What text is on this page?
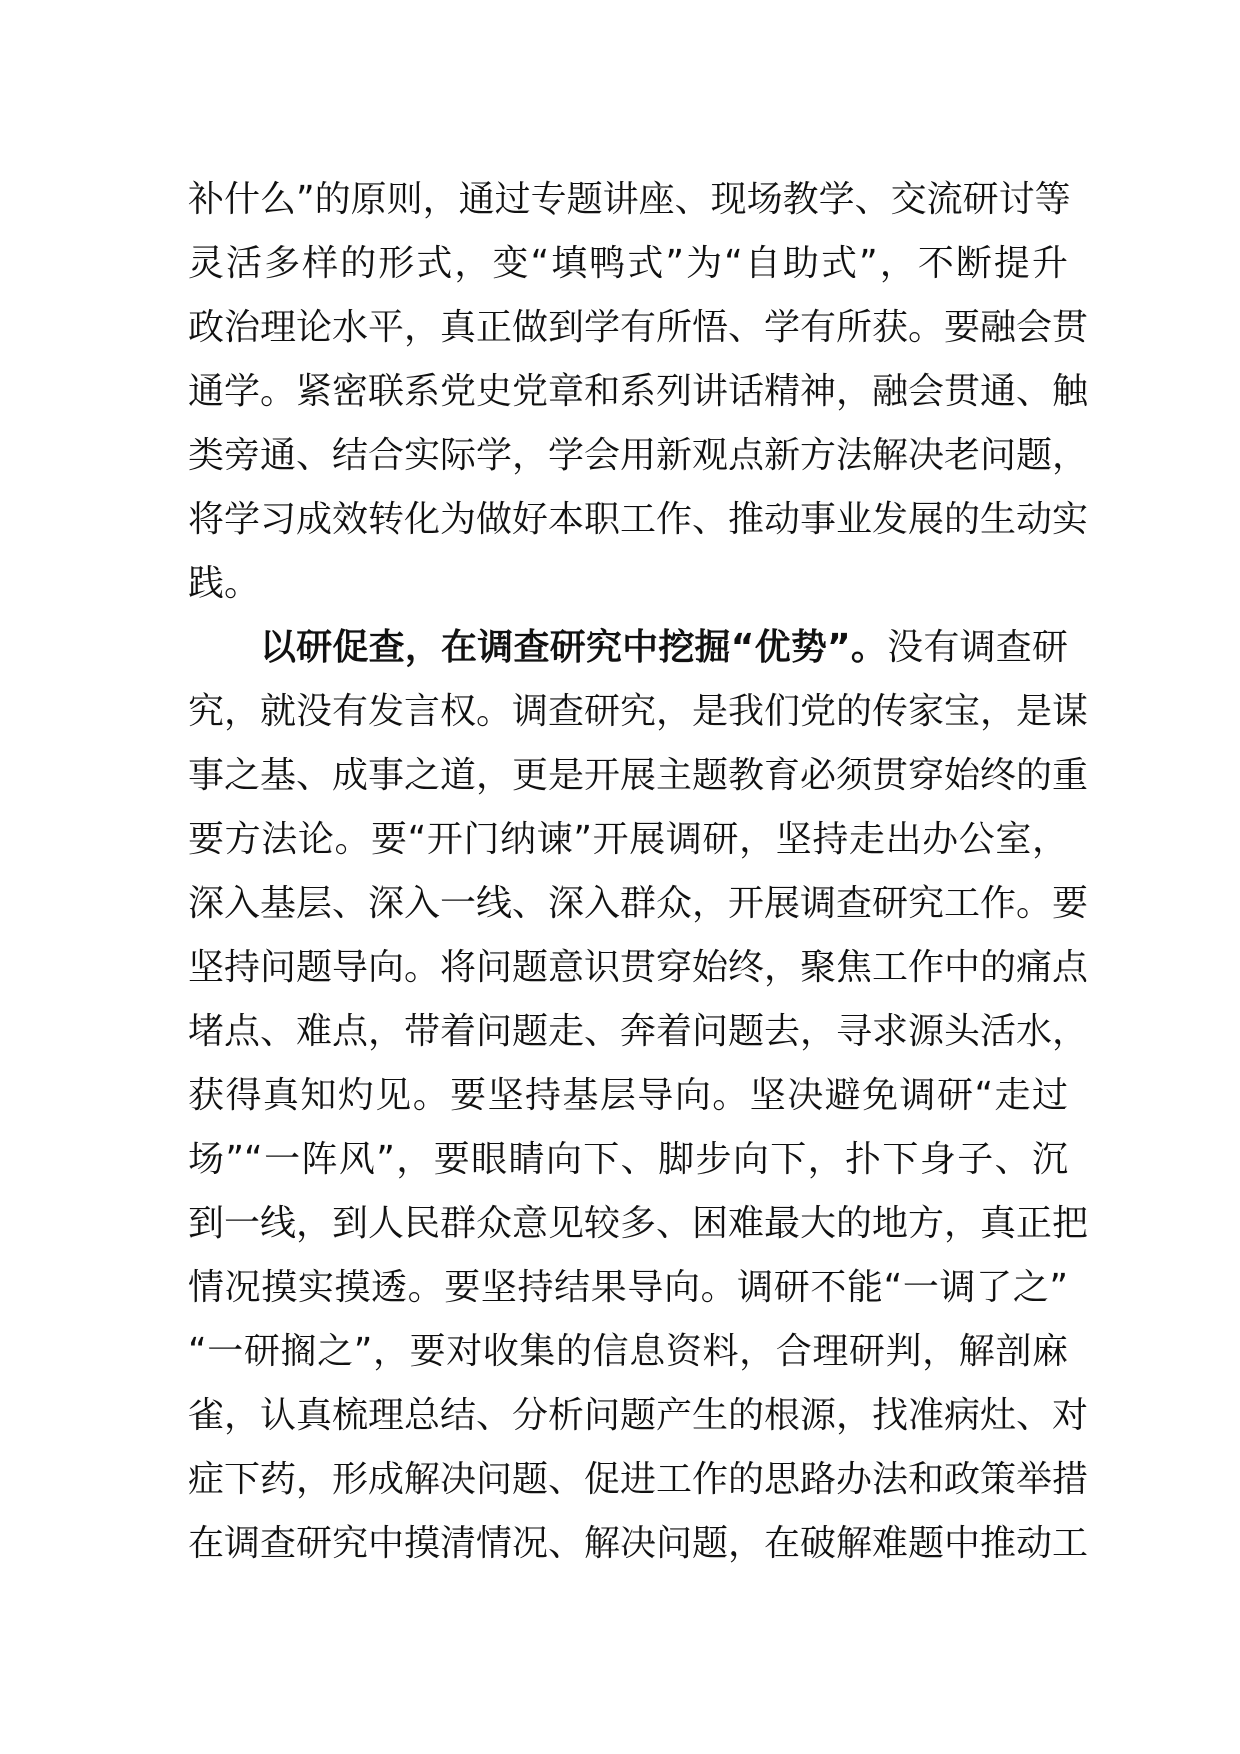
补什么”的原则，通过专题讲座、现场教学、交流研讨等
灵活多样的形式，变“填鸭式”为“自助式”，不断提升
政治理论水平，真正做到学有所悟、学有所获。要融会贯
通学。紧密联系党史党章和系列讲话精神，融会贯通、触
类旁通、结合实际学，学会用新观点新方法解决老问题，
将学习成效转化为做好本职工作、推动事业发展的生动实
践。
以研促查，在调查研究中挖掘“优势”。没有调查研
究，就没有发言权。调查研究，是我们党的传家宝，是谋
事之基、成事之道，更是开展主题教育必须贯穿始终的重
要方法论。要“开门纳谏”开展调研，坚持走出办公室，
深入基层、深入一线、深入群众，开展调查研究工作。要
坚持问题导向。将问题意识贯穿始终，聚焦工作中的痛点
堵点、难点，带着问题走、奔着问题去，寻求源头活水，
获得真知灼见。要坚持基层导向。坚决避免调研“走过
场”“一阵风”，要眼睛向下、脚步向下，扑下身子、沉
到一线，到人民群众意见较多、困难最大的地方，真正把
情况摸实摸透。要坚持结果导向。调研不能“一调了之”
“一研搁之”，要对收集的信息资料，合理研判，解剖麻
雀，认真梳理总结、分析问题产生的根源，找准病灶、对
症下药，形成解决问题、促进工作的思路办法和政策举措
在调查研究中摸清情况、解决问题，在破解难题中推动工
